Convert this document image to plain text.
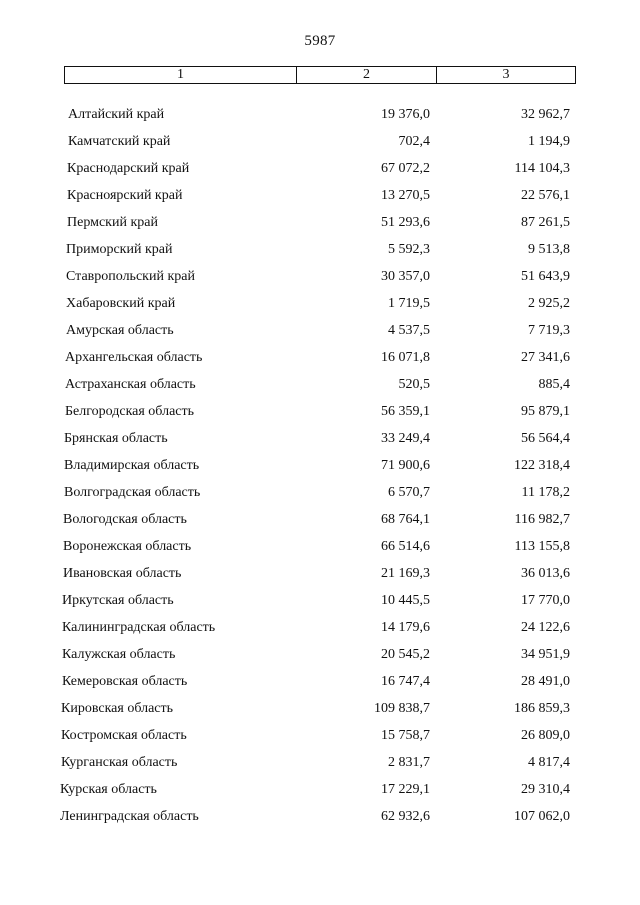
5987
1	2	3
Алтайский край	19 376,0	32 962,7
Камчатский край	702,4	1 194,9
Краснодарский край	67 072,2	114 104,3
Красноярский край	13 270,5	22 576,1
Пермский край	51 293,6	87 261,5
Приморский край	5 592,3	9 513,8
Ставропольский край	30 357,0	51 643,9
Хабаровский край	1 719,5	2 925,2
Амурская область	4 537,5	7 719,3
Архангельская область	16 071,8	27 341,6
Астраханская область	520,5	885,4
Белгородская область	56 359,1	95 879,1
Брянская область	33 249,4	56 564,4
Владимирская область	71 900,6	122 318,4
Волгоградская область	6 570,7	11 178,2
Вологодская область	68 764,1	116 982,7
Воронежская область	66 514,6	113 155,8
Ивановская область	21 169,3	36 013,6
Иркутская область	10 445,5	17 770,0
Калининградская область	14 179,6	24 122,6
Калужская область	20 545,2	34 951,9
Кемеровская область	16 747,4	28 491,0
Кировская область	109 838,7	186 859,3
Костромская область	15 758,7	26 809,0
Курганская область	2 831,7	4 817,4
Курская область	17 229,1	29 310,4
Ленинградская область	62 932,6	107 062,0
